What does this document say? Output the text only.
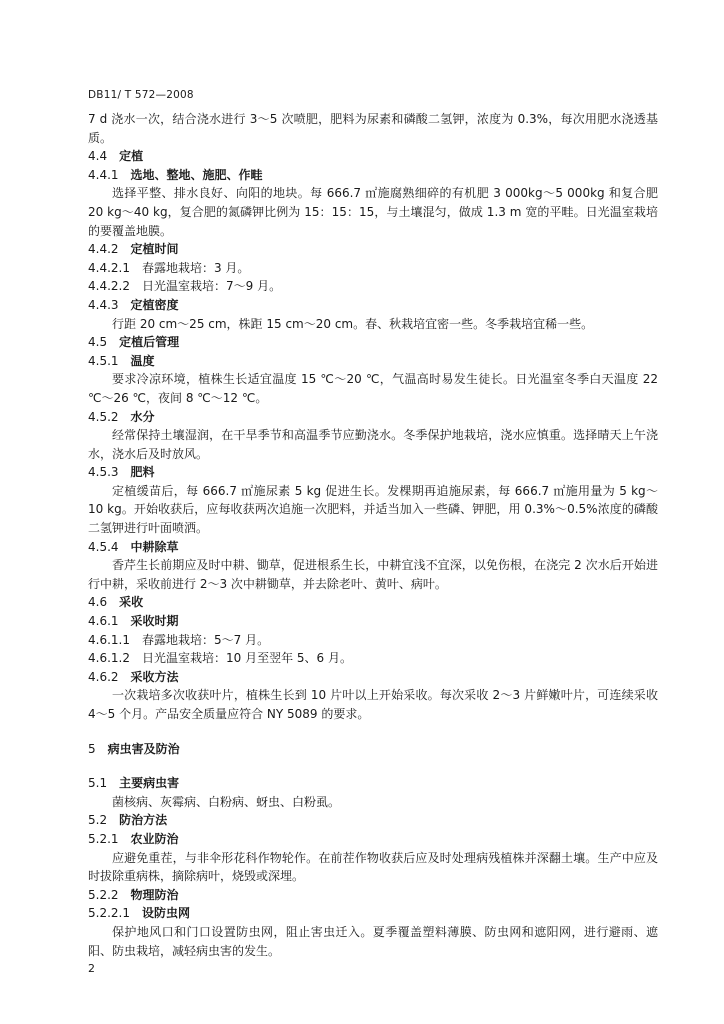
DB11/ T 572—2008

7 d 浇水一次，结合浇水进行 3～5 次喷肥，肥料为尿素和磷酸二氢钾，浓度为 0.3%，每次用肥水浇透基质。

4.4 定植

4.4.1 选地、整地、施肥、作畦

选择平整、排水良好、向阳的地块。每 666.7 ㎡施腐熟细碎的有机肥 3 000kg～5 000kg 和复合肥 20 kg～40 kg，复合肥的氮磷钾比例为 15：15：15，与土壤混匀，做成 1.3 m 宽的平畦。日光温室栽培的要覆盖地膜。

4.4.2 定植时间

4.4.2.1 春露地栽培：3 月。

4.4.2.2 日光温室栽培：7～9 月。

4.4.3 定植密度

行距 20 cm～25 cm，株距 15 cm～20 cm。春、秋栽培宜密一些。冬季栽培宜稀一些。

4.5 定植后管理

4.5.1 温度

要求冷凉环境，植株生长适宜温度 15 ℃～20 ℃，气温高时易发生徒长。日光温室冬季白天温度 22 ℃～26 ℃，夜间 8 ℃～12 ℃。

4.5.2 水分

经常保持土壤湿润，在干旱季节和高温季节应勤浇水。冬季保护地栽培，浇水应慎重。选择晴天上午浇水，浇水后及时放风。

4.5.3 肥料

定植缓苗后，每 666.7 ㎡施尿素 5 kg 促进生长。发棵期再追施尿素，每 666.7 ㎡施用量为 5 kg～10 kg。开始收获后，应每收获两次追施一次肥料，并适当加入一些磷、钾肥，用 0.3%～0.5%浓度的磷酸二氢钾进行叶面喷洒。

4.5.4 中耕除草

香芹生长前期应及时中耕、锄草，促进根系生长，中耕宜浅不宜深，以免伤根，在浇完 2 次水后开始进行中耕，采收前进行 2～3 次中耕锄草，并去除老叶、黄叶、病叶。

4.6 采收

4.6.1 采收时期

4.6.1.1 春露地栽培：5～7 月。

4.6.1.2 日光温室栽培：10 月至翌年 5、6 月。

4.6.2 采收方法

一次栽培多次收获叶片，植株生长到 10 片叶以上开始采收。每次采收 2～3 片鲜嫩叶片，可连续采收 4～5 个月。产品安全质量应符合 NY 5089 的要求。

5 病虫害及防治

5.1 主要病虫害

菌核病、灰霉病、白粉病、蚜虫、白粉虱。

5.2 防治方法

5.2.1 农业防治

应避免重茬，与非伞形花科作物轮作。在前茬作物收获后应及时处理病残植株并深翻土壤。生产中应及时拔除重病株，摘除病叶，烧毁或深埋。

5.2.2 物理防治

5.2.2.1 设防虫网

保护地风口和门口设置防虫网，阻止害虫迁入。夏季覆盖塑料薄膜、防虫网和遮阳网，进行避雨、遮阳、防虫栽培，减轻病虫害的发生。

2
